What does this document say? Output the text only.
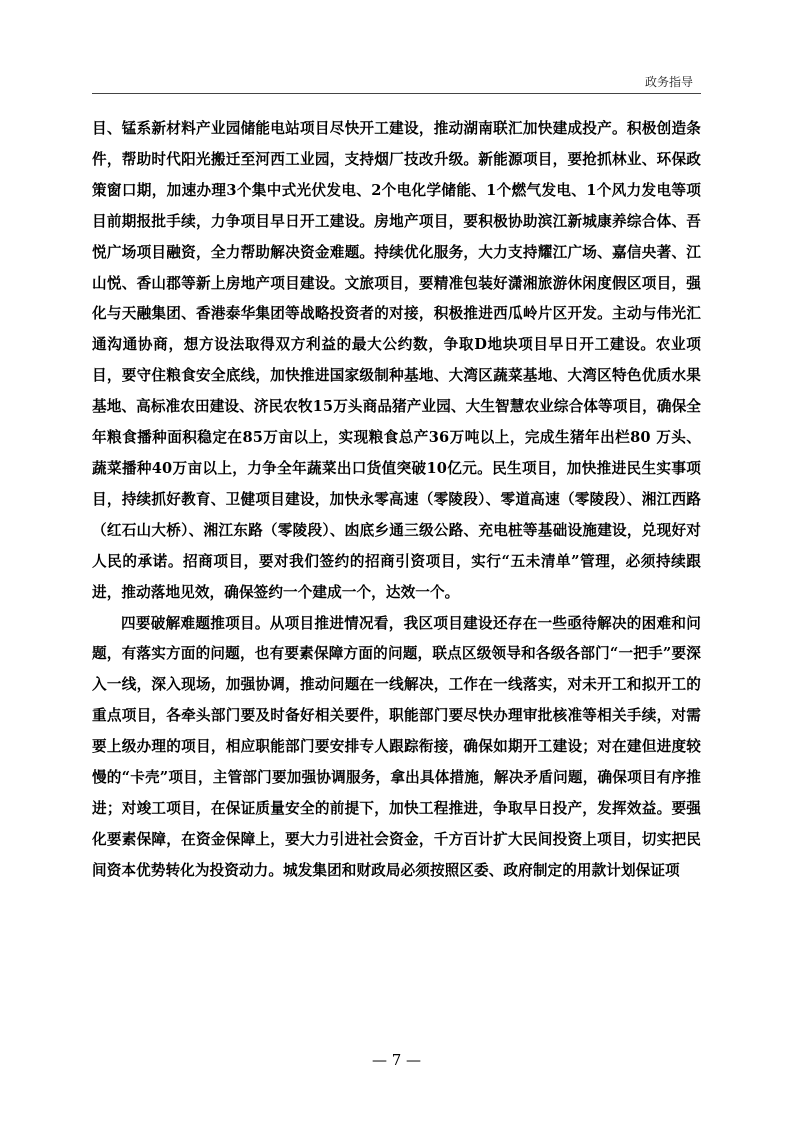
政务指导

目、锰系新材料产业园储能电站项目尽快开工建设，推动湖南联汇加快建成投产。积极创造条件，帮助时代阳光搬迁至河西工业园，支持烟厂技改升级。新能源项目，要抢抓林业、环保政策窗口期，加速办理3个集中式光伏发电、2个电化学储能、1个燃气发电、1个风力发电等项目前期报批手续，力争项目早日开工建设。房地产项目，要积极协助滨江新城康养综合体、吾悦广场项目融资，全力帮助解决资金难题。持续优化服务，大力支持耀江广场、嘉信央著、江山悦、香山郡等新上房地产项目建设。文旅项目，要精准包装好潇湘旅游休闲度假区项目，强化与天融集团、香港泰华集团等战略投资者的对接，积极推进西瓜岭片区开发。主动与伟光汇通沟通协商，想方设法取得双方利益的最大公约数，争取D地块项目早日开工建设。农业项目，要守住粮食安全底线，加快推进国家级制种基地、大湾区蔬菜基地、大湾区特色优质水果基地、高标准农田建设、济民农牧15万头商品猪产业园、大生智慧农业综合体等项目，确保全年粮食播种面积稳定在85万亩以上，实现粮食总产36万吨以上，完成生猪年出栏80 万头、蔬菜播种40万亩以上，力争全年蔬菜出口货值突破10亿元。民生项目，加快推进民生实事项目，持续抓好教育、卫健项目建设，加快永零高速（零陵段）、零道高速（零陵段）、湘江西路（红石山大桥）、湘江东路（零陵段）、凼底乡通三级公路、充电桩等基础设施建设，兑现好对人民的承诺。招商项目，要对我们签约的招商引资项目，实行“五未清单”管理，必须持续跟进，推动落地见效，确保签约一个建成一个，达效一个。

四要破解难题推项目。从项目推进情况看，我区项目建设还存在一些亟待解决的困难和问题，有落实方面的问题，也有要素保障方面的问题，联点区级领导和各级各部门“一把手”要深入一线，深入现场，加强协调，推动问题在一线解决，工作在一线落实，对未开工和拟开工的重点项目，各牵头部门要及时备好相关要件，职能部门要尽快办理审批核准等相关手续，对需要上级办理的项目，相应职能部门要安排专人跟踪衔接，确保如期开工建设；对在建但进度较慢的“卡壳”项目，主管部门要加强协调服务，拿出具体措施，解决矛盾问题，确保项目有序推进；对竣工项目，在保证质量安全的前提下，加快工程推进，争取早日投产，发挥效益。要强化要素保障，在资金保障上，要大力引进社会资金，千方百计扩大民间投资上项目，切实把民间资本优势转化为投资动力。城发集团和财政局必须按照区委、政府制定的用款计划保证项

— 7 —
